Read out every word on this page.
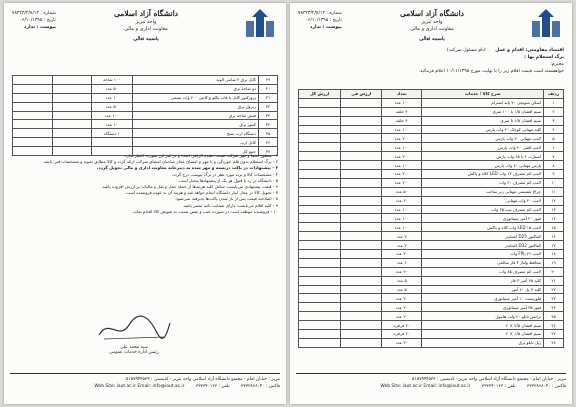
دانشگاه آزاد اسلامی
واحد تبریز
معاونت اداری و مالی
باسمه تعالی
شماره : ۷۸۳۲۳/۲/۷/۱۳
تاریخ : ۰۶/۱۰/۱۳۹۵
پیوست : ندارد
اقتصاد مقاومتی: اقدام و عمل (نام مسئول شرکت)
برگ استعلام بها :
محترم:
خواهشمند است قیمت اقلام زیر را تا نهایت مورخ ۱۰/۱۱/۱۳۹۵ اعلام فرمائید.
ردیف	شرح کالا / خدمات	تعداد	ارزش فی	ارزش کل
۱	اسکن سویچی ۴۰ پایه استرام	۱۰۰ عدد		
۲	سیم افشان ۱/۵ با ۱۰۰ متری	۴ حلقه		
۳	سیم افشان ۱/۵ با متری	۴ حلقه		
۴	کلید مهتابی کوچک ۲۰ وات پارس	۱۰۰ عدد		
۵	لامپ مهتابی ۴۰ وات پارس	۲۰۰ عدد		
۶	لامپ افقی ۴۰ وات پارس	۱۰۰ عدد		
۷	استارت ۴ تا ۶۵ وات پارس	۲۰۰ عدد		
۸	پارس مهتابی ۴۰ وات پارس	۱۰۰ عدد		
۹	لامپ کم مصرف ۱۲ وات LED کلاه و پاکش	۲۰۰ عدد		
۱۰	لامپ کم مصرف ۲۰ وات	۲۰۰ عدد		
۱۱	چراغ تقسیمی مهتابی زیر ساخت	۵۰ عدد		
۱۲	لامپ ۲۰ وات مهتابی	۲۰ عدد		
۱۳	لامپ کم مصرف تیپ ۳۵ وات	۱۰۰ عدد		
۱۴	فیوز ۲۰ آمپر مینیاتوری	۱۰۰ عدد		
۱۵	لامپ LED ۱۵ وات کلاه و پاکش	۱۰۰ عدد		
۱۶	کنتاکتور D25 اشنایدر	۲ عدد		
۱۷	کنتاکتور D32 اشنایدر	۲ عدد		
۱۸	لامپ FPL ۲۶ وات	۲۰ عدد		
۱۹	محافظ ولتاژ ۳ فاز سالمی	۶ عدد		
۲۰	لامپ کم مصرف ۸۵ وات	۴۰ عدد		
۲۱	کلید ۲۵ آمپر ۳ فاز	۵ عدد		
۲۲	کلید ۳ پل ۲۰ آمپر	۵ عدد		
۲۳	فلورسنت ۱۰ آمپر مینیاتوری	۲۰ عدد		
۲۴	فیوز ۳۵ آمپر مینیاتوری	۲۰ عدد		
۲۵	ترانس تابلو ۲۰ ولت هانیول	۲۰ عدد		
۲۶	سیم افشان ۲/۵ × ۲	۲۰ قرقره		
۲۷	سیم افشان ۱/۵ × ۲	۲۰ قرقره		
۲۸	ریل تابلو برق	۳۰ عدد		
تبریز : خیابان امام - مجتمع دانشگاه آزاد اسلامی واحد تبریز - کدپستی : ۵۱۵۷۹۴۴۵۳۳
فاکس : ۳۳۳۲۸۶۸۰۴۰ تلفن : ۳۳۳۳۴۰۱۶۳ Web Site: iaut.ac.ir Email: info@iaut.ac.ir
دانشگاه آزاد اسلامی
واحد تبریز
معاونت اداری و مالی
باسمه تعالی
شماره : ۷۸۳۲۳/۲/۷/۱۳
تاریخ : ۰۶/۱۰/۱۳۹۵
پیوست : ندارد
۲۹	کابل برق ۲ سانتی الوند	۱۰۰ شاخه		
۳۰	دو شاخه برق	۵۰ عدد		
۳۱	پروژکتور کابل با قاب پکلو و کانتی ۲۰۰ وات سیمی	۱۰ عدد		
۳۲	ریزول برق	۵۰ عدد		
۳۳	فیش شاخه برق	۱۰۰ عدد		
۳۴	کنتور برق	۱۰ عدد		
۳۵	دستگاه ارت سنج	۱ دستگاه		
۳۶	کابل ارت			
۳۷	جمع کل			
۱ - سطور امضا و مهر شرکت قیمت دهنده الزامی است و در غیر این صورت اعتبار ندارد.
۲ - برگ استعلام بدون قلم خوردگی و با مهر و امضای مجاز صاحبان امضای شرکت ارائه گردد و کالا مطابق نمونه و مشخصات فنی باشد.
۳ - پیشنهادات در پاکت دربسته و مهر شده به دبیرخانه معاونت اداری و مالی تحویل گردد.
۴ - مشخصات کالا و برند مورد نظر در برگ پیوست درج گردد.
۵ - دانشگاه در رد یا قبول هر یک از پیشنهادها مختار است.
۶ - قیمت پیشنهادی می‌بایست شامل کلیه هزینه‌ها از جمله حمل و نقل و مالیات بر ارزش افزوده باشد.
۷ - تحویل کالا در محل انبار دانشگاه انجام خواهد شد و هزینه آن به عهده فروشنده است.
۸ - اصلاحیه قیمت پس از باز شدن پاکت‌ها پذیرفته نمی‌شود.
۹ - کلیه اقلام می‌بایست دارای ضمانت نامه معتبر باشد.
۱۰ - فروشنده موظف است در صورت عیب و نقص نسبت به تعویض کالا اقدام نماید.
سید محمد علی
رئیس اداره خدمات عمومی
تبریز : خیابان امام - مجتمع دانشگاه آزاد اسلامی واحد تبریز - کدپستی : ۵۱۵۷۹۴۴۵۳۳
فاکس : ۳۳۳۲۸۶۸۰۴۰ تلفن : ۳۳۳۳۴۰۱۶۳ Web Site: iaut.ac.ir Email: info@iaut.ac.ir
